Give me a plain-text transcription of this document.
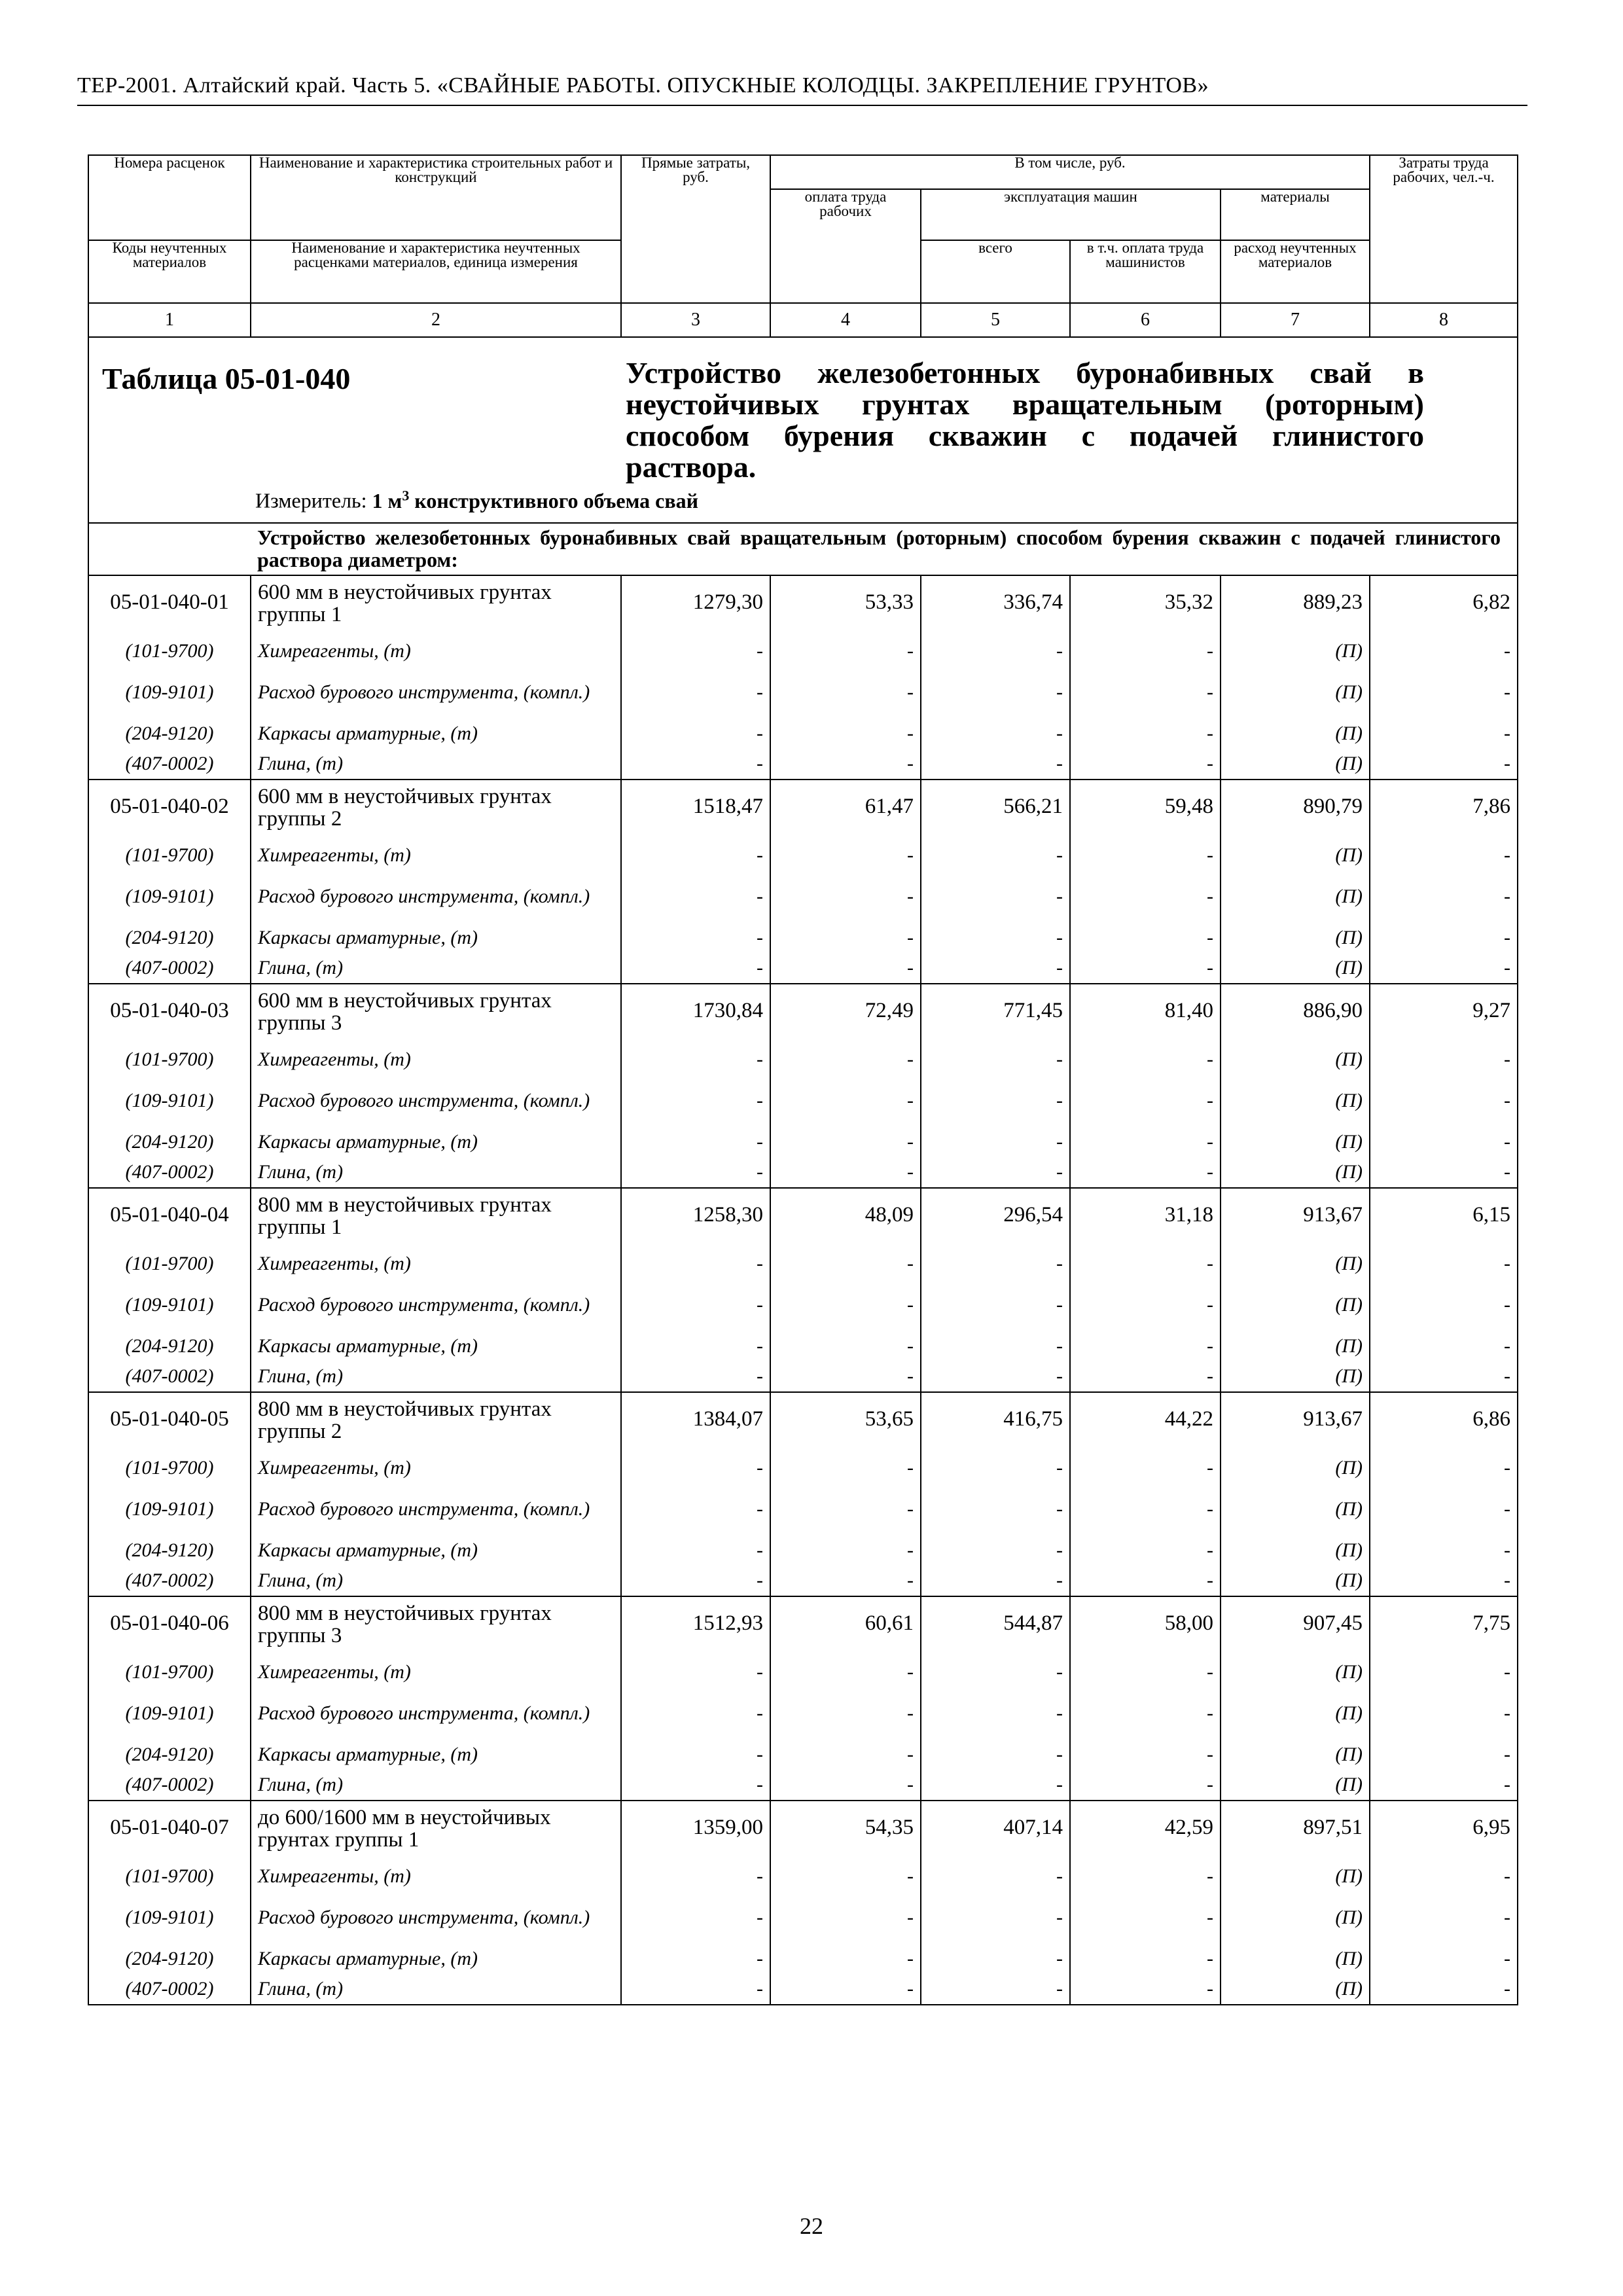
ТЕР-2001. Алтайский край. Часть 5. «СВАЙНЫЕ РАБОТЫ. ОПУСКНЫЕ КОЛОДЦЫ. ЗАКРЕПЛЕНИЕ ГРУНТОВ»
Номера расценок	Наименование и характеристика строительных работ и конструкций	Прямые затраты, руб.	В том числе, руб.				Затраты труда рабочих, чел.-ч.
			оплата труда рабочих	эксплуатация машин		материалы	
Коды неучтенных материалов	Наименование и характеристика неучтенных расценками материалов, единица измерения			всего	в т.ч. оплата труда машинистов	расход неучтенных материалов	
1	2	3	4	5	6	7	8

Таблица 05-01-040 Устройство железобетонных буронабивных свай в неустойчивых грунтах вращательным (роторным) способом бурения скважин с подачей глинистого раствора.
Измеритель: 1 $м^3$ конструктивного объема свай							

	Устройство железобетонных буронабивных свай вращательным (роторным) способом бурения скважин с подачей глинистого раствора диаметром:						

05-01-040-01	600 мм в неустойчивых грунтах группы 1	1279,30	53,33	336,74	35,32	889,23	6,82
(101-9700)	Химреагенты, (т)	-	-	-	-	(П)	-
(109-9101)	Расход бурового инструмента, (компл.)	-	-	-	-	(П)	-
(204-9120)	Каркасы арматурные, (т)	-	-	-	-	(П)	-
(407-0002)	Глина, (т)	-	-	-	-	(П)	-
05-01-040-02	600 мм в неустойчивых грунтах группы 2	1518,47	61,47	566,21	59,48	890,79	7,86
(101-9700)	Химреагенты, (т)	-	-	-	-	(П)	-
(109-9101)	Расход бурового инструмента, (компл.)	-	-	-	-	(П)	-
(204-9120)	Каркасы арматурные, (т)	-	-	-	-	(П)	-
(407-0002)	Глина, (т)	-	-	-	-	(П)	-
05-01-040-03	600 мм в неустойчивых грунтах группы 3	1730,84	72,49	771,45	81,40	886,90	9,27
(101-9700)	Химреагенты, (т)	-	-	-	-	(П)	-
(109-9101)	Расход бурового инструмента, (компл.)	-	-	-	-	(П)	-
(204-9120)	Каркасы арматурные, (т)	-	-	-	-	(П)	-
(407-0002)	Глина, (т)	-	-	-	-	(П)	-
05-01-040-04	800 мм в неустойчивых грунтах группы 1	1258,30	48,09	296,54	31,18	913,67	6,15
(101-9700)	Химреагенты, (т)	-	-	-	-	(П)	-
(109-9101)	Расход бурового инструмента, (компл.)	-	-	-	-	(П)	-
(204-9120)	Каркасы арматурные, (т)	-	-	-	-	(П)	-
(407-0002)	Глина, (т)	-	-	-	-	(П)	-
05-01-040-05	800 мм в неустойчивых грунтах группы 2	1384,07	53,65	416,75	44,22	913,67	6,86
(101-9700)	Химреагенты, (т)	-	-	-	-	(П)	-
(109-9101)	Расход бурового инструмента, (компл.)	-	-	-	-	(П)	-
(204-9120)	Каркасы арматурные, (т)	-	-	-	-	(П)	-
(407-0002)	Глина, (т)	-	-	-	-	(П)	-
05-01-040-06	800 мм в неустойчивых грунтах группы 3	1512,93	60,61	544,87	58,00	907,45	7,75
(101-9700)	Химреагенты, (т)	-	-	-	-	(П)	-
(109-9101)	Расход бурового инструмента, (компл.)	-	-	-	-	(П)	-
(204-9120)	Каркасы арматурные, (т)	-	-	-	-	(П)	-
(407-0002)	Глина, (т)	-	-	-	-	(П)	-
05-01-040-07	до 600/1600 мм в неустойчивых грунтах группы 1	1359,00	54,35	407,14	42,59	897,51	6,95
(101-9700)	Химреагенты, (т)	-	-	-	-	(П)	-
(109-9101)	Расход бурового инструмента, (компл.)	-	-	-	-	(П)	-
(204-9120)	Каркасы арматурные, (т)	-	-	-	-	(П)	-
(407-0002)	Глина, (т)	-	-	-	-	(П)	-
22
